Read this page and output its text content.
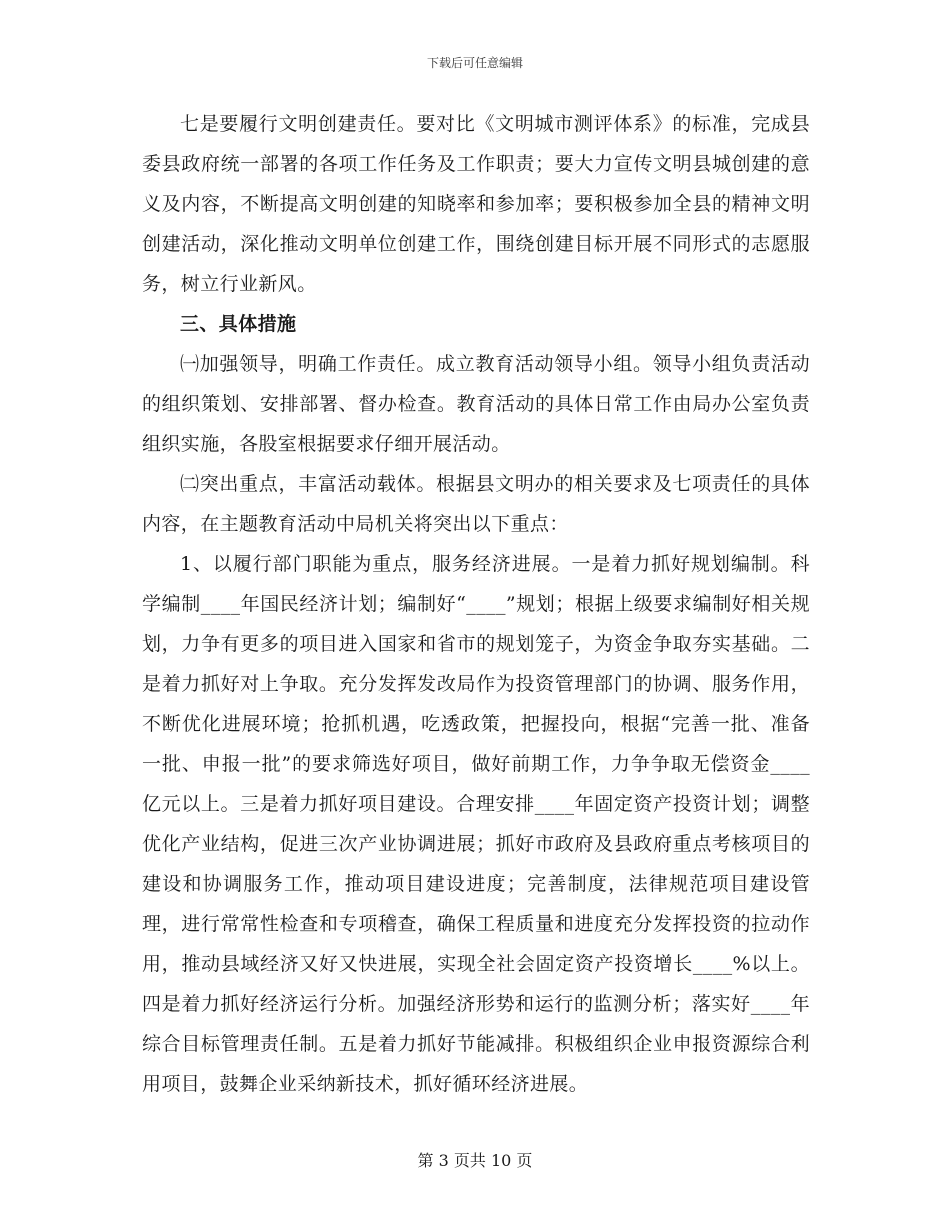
下载后可任意编辑

七是要履行文明创建责任。要对比《文明城市测评体系》的标准，完成县委县政府统一部署的各项工作任务及工作职责；要大力宣传文明县城创建的意义及内容，不断提高文明创建的知晓率和参加率；要积极参加全县的精神文明创建活动，深化推动文明单位创建工作，围绕创建目标开展不同形式的志愿服务，树立行业新风。

三、具体措施

㈠加强领导，明确工作责任。成立教育活动领导小组。领导小组负责活动的组织策划、安排部署、督办检查。教育活动的具体日常工作由局办公室负责组织实施，各股室根据要求仔细开展活动。

㈡突出重点，丰富活动载体。根据县文明办的相关要求及七项责任的具体内容，在主题教育活动中局机关将突出以下重点：

1、以履行部门职能为重点，服务经济进展。一是着力抓好规划编制。科学编制____年国民经济计划；编制好“____”规划；根据上级要求编制好相关规划，力争有更多的项目进入国家和省市的规划笼子，为资金争取夯实基础。二是着力抓好对上争取。充分发挥发改局作为投资管理部门的协调、服务作用，不断优化进展环境；抢抓机遇，吃透政策，把握投向，根据“完善一批、准备一批、申报一批”的要求筛选好项目，做好前期工作，力争争取无偿资金____亿元以上。三是着力抓好项目建设。合理安排____年固定资产投资计划；调整优化产业结构，促进三次产业协调进展；抓好市政府及县政府重点考核项目的建设和协调服务工作，推动项目建设进度；完善制度，法律规范项目建设管理，进行常常性检查和专项稽查，确保工程质量和进度充分发挥投资的拉动作用，推动县域经济又好又快进展，实现全社会固定资产投资增长____%以上。四是着力抓好经济运行分析。加强经济形势和运行的监测分析；落实好____年综合目标管理责任制。五是着力抓好节能减排。积极组织企业申报资源综合利用项目，鼓舞企业采纳新技术，抓好循环经济进展。

第 3 页共 10 页
